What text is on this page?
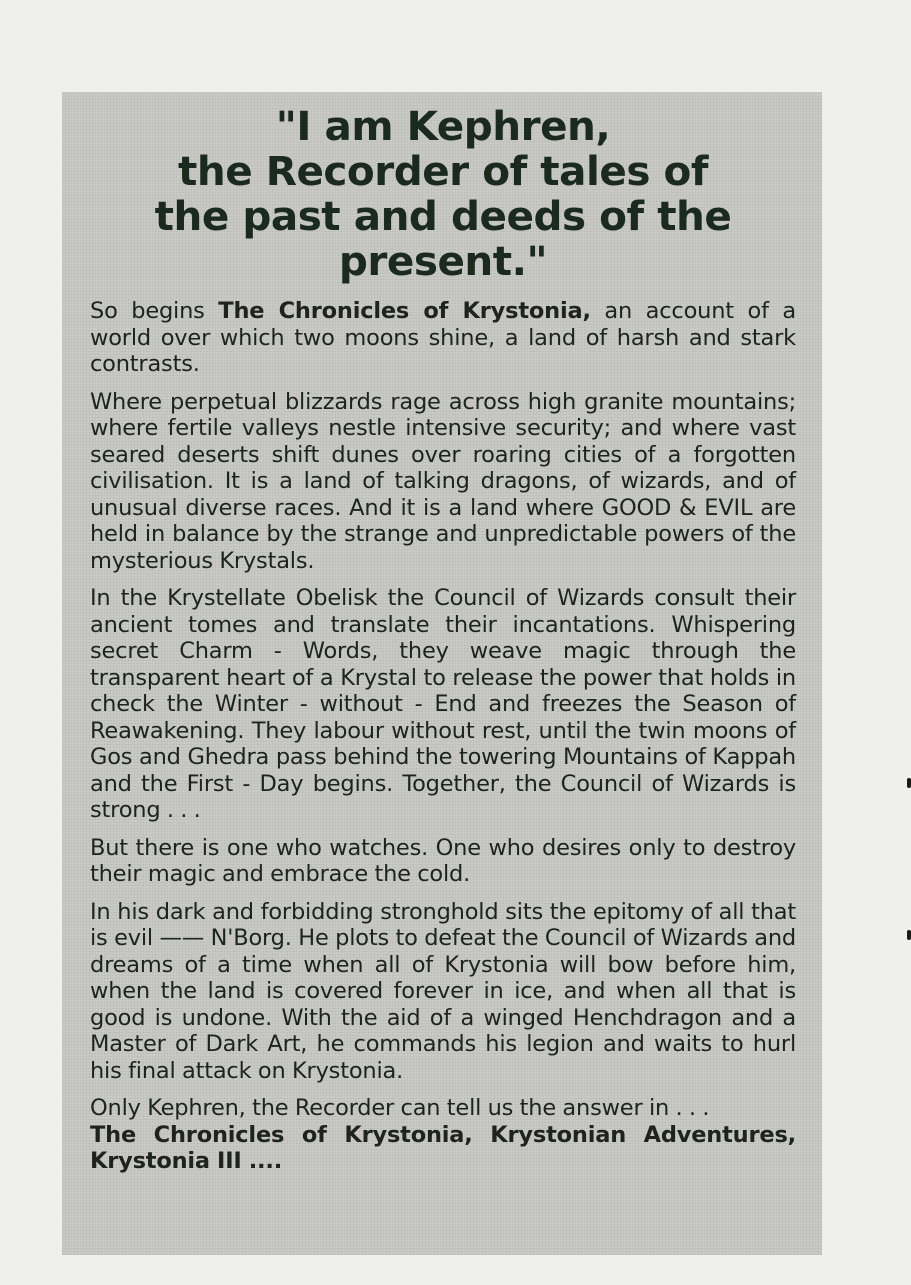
"I am Kephren,
the Recorder of tales of
the past and deeds of the
present."

So begins The Chronicles of Krystonia, an account of a world over which two moons shine, a land of harsh and stark contrasts.

Where perpetual blizzards rage across high granite mountains; where fertile valleys nestle intensive security; and where vast seared deserts shift dunes over roaring cities of a forgotten civilisation. It is a land of talking dragons, of wizards, and of unusual diverse races. And it is a land where GOOD & EVIL are held in balance by the strange and unpredictable powers of the mysterious Krystals.

In the Krystellate Obelisk the Council of Wizards consult their ancient tomes and translate their incantations. Whispering secret Charm - Words, they weave magic through the transparent heart of a Krystal to release the power that holds in check the Winter - without - End and freezes the Season of Reawakening. They labour without rest, until the twin moons of Gos and Ghedra pass behind the towering Mountains of Kappah and the First - Day begins. Together, the Council of Wizards is strong . . .

But there is one who watches. One who desires only to destroy their magic and embrace the cold.

In his dark and forbidding stronghold sits the epitomy of all that is evil —— N'Borg. He plots to defeat the Council of Wizards and dreams of a time when all of Krystonia will bow before him, when the land is covered forever in ice, and when all that is good is undone. With the aid of a winged Henchdragon and a Master of Dark Art, he commands his legion and waits to hurl his final attack on Krystonia.

Only Kephren, the Recorder can tell us the answer in . . .
The Chronicles of Krystonia, Krystonian Adventures, Krystonia III ....
